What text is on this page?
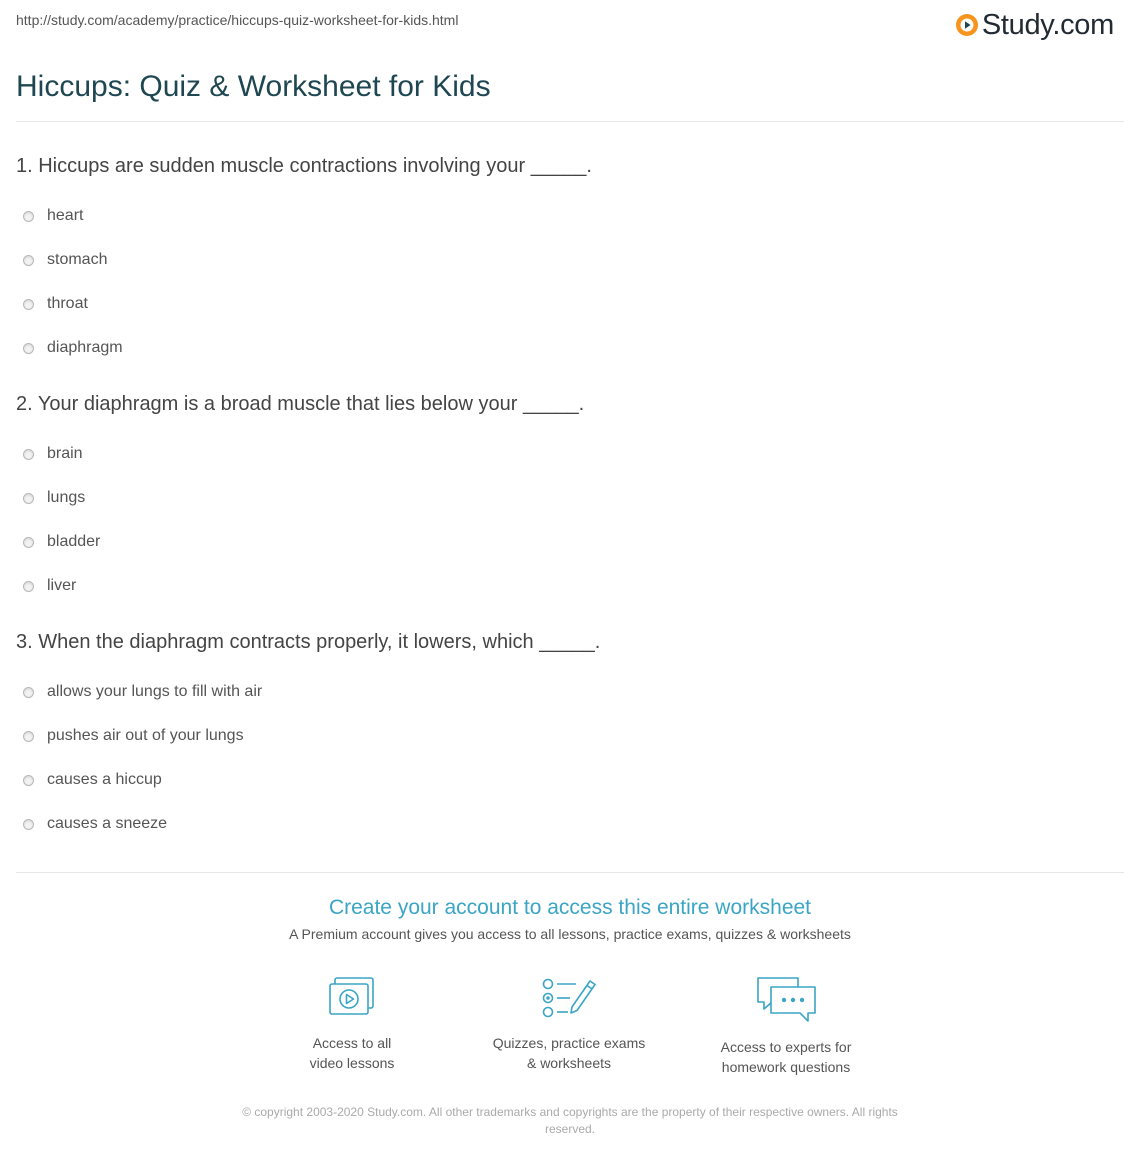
http://study.com/academy/practice/hiccups-quiz-worksheet-for-kids.html	Study.com
Hiccups: Quiz & Worksheet for Kids

1. Hiccups are sudden muscle contractions involving your _____.

heart
stomach
throat
diaphragm

2. Your diaphragm is a broad muscle that lies below your _____.

brain
lungs
bladder
liver

3. When the diaphragm contracts properly, it lowers, which _____.

allows your lungs to fill with air
pushes air out of your lungs
causes a hiccup
causes a sneeze

Create your account to access this entire worksheet

A Premium account gives you access to all lessons, practice exams, quizzes & worksheets
Access to all
video lessons
Quizzes, practice exams
& worksheets
Access to experts for
homework questions
© copyright 2003-2020 Study.com. All other trademarks and copyrights are the property of their respective owners. All rights reserved.
